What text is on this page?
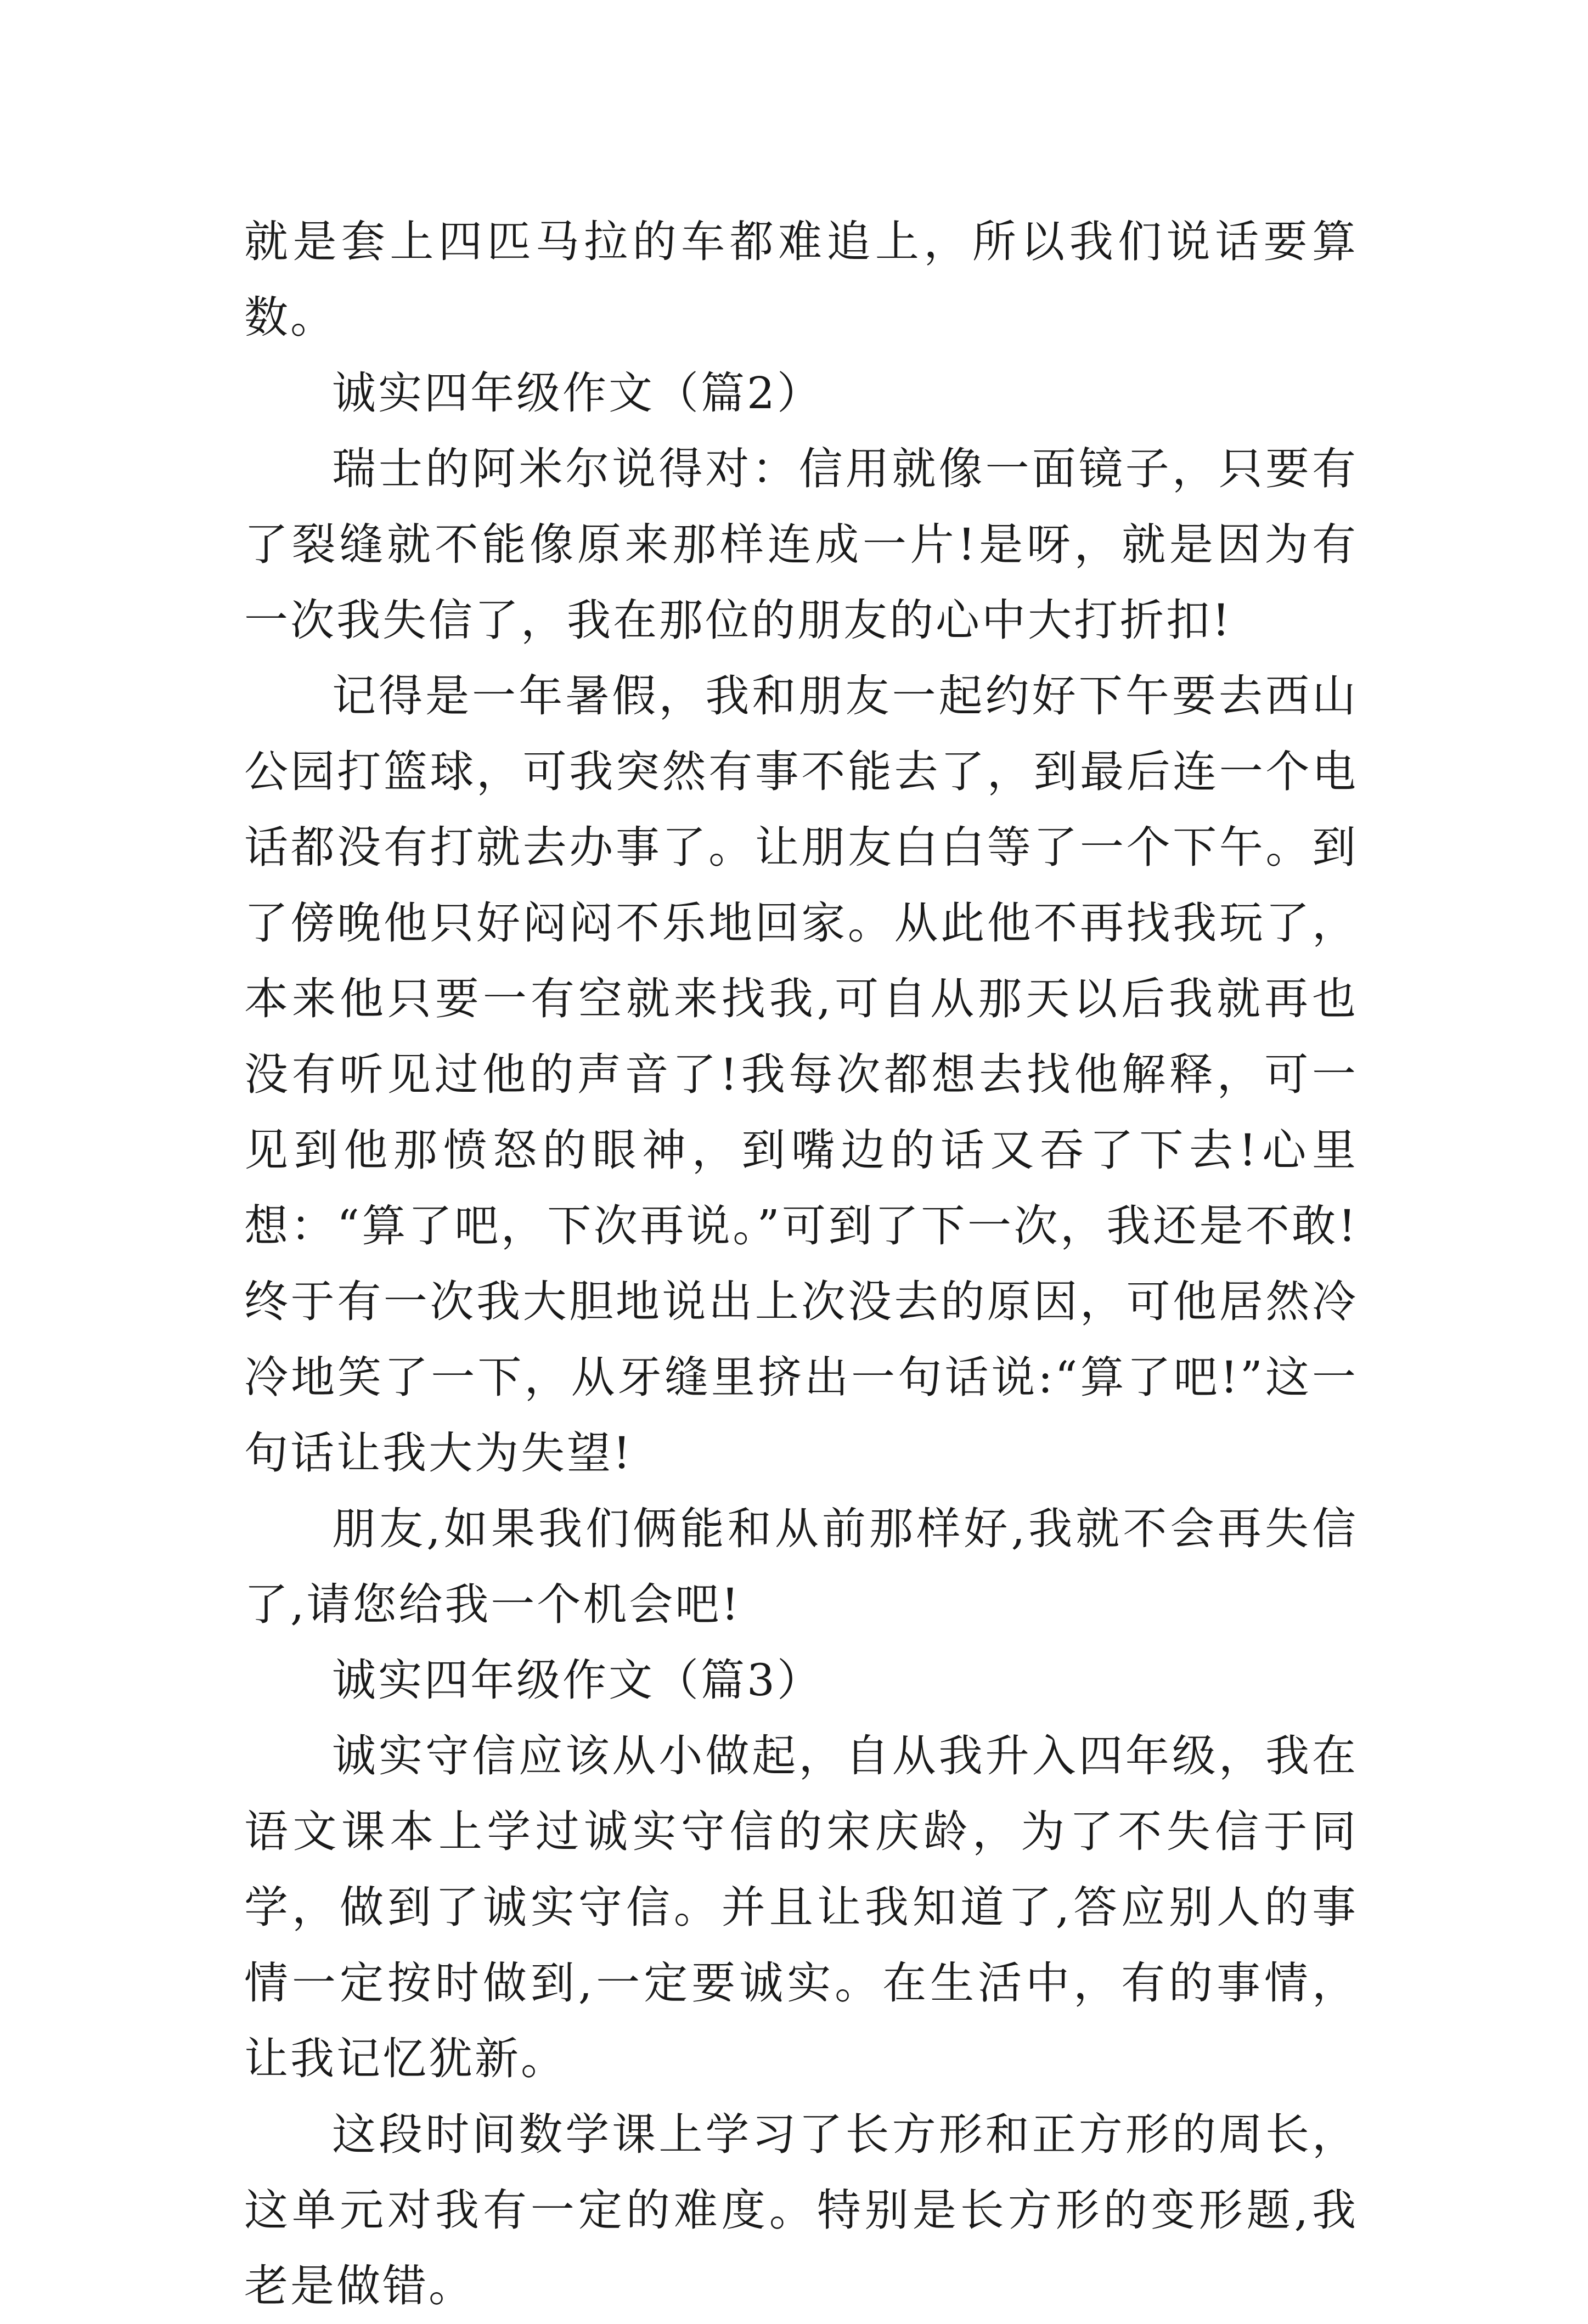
就是套上四匹马拉的车都难追上，所以我们说话要算数。

诚实四年级作文（篇2）

瑞士的阿米尔说得对：信用就像一面镜子，只要有了裂缝就不能像原来那样连成一片!是呀，就是因为有一次我失信了，我在那位的朋友的心中大打折扣!

记得是一年暑假，我和朋友一起约好下午要去西山公园打篮球，可我突然有事不能去了，到最后连一个电话都没有打就去办事了。让朋友白白等了一个下午。到了傍晚他只好闷闷不乐地回家。从此他不再找我玩了，本来他只要一有空就来找我,可自从那天以后我就再也没有听见过他的声音了!我每次都想去找他解释，可一见到他那愤怒的眼神，到嘴边的话又吞了下去!心里想：“算了吧，下次再说。”可到了下一次，我还是不敢!终于有一次我大胆地说出上次没去的原因，可他居然冷冷地笑了一下，从牙缝里挤出一句话说:“算了吧!”这一句话让我大为失望!

朋友,如果我们俩能和从前那样好,我就不会再失信了,请您给我一个机会吧!

诚实四年级作文（篇3）

诚实守信应该从小做起，自从我升入四年级，我在语文课本上学过诚实守信的宋庆龄，为了不失信于同学，做到了诚实守信。并且让我知道了,答应别人的事情一定按时做到,一定要诚实。在生活中，有的事情，让我记忆犹新。

这段时间数学课上学习了长方形和正方形的周长，这单元对我有一定的难度。特别是长方形的变形题,我老是做错。
